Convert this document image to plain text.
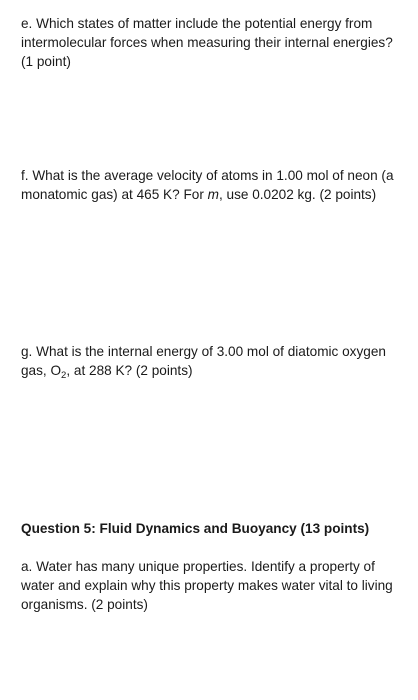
e. Which states of matter include the potential energy from
intermolecular forces when measuring their internal energies?
(1 point)
f. What is the average velocity of atoms in 1.00 mol of neon (a
monatomic gas) at 465 K? For m, use 0.0202 kg. (2 points)
g. What is the internal energy of 3.00 mol of diatomic oxygen
gas, $O_2$, at 288 K? (2 points)
Question 5: Fluid Dynamics and Buoyancy (13 points)
a. Water has many unique properties. Identify a property of
water and explain why this property makes water vital to living
organisms. (2 points)
